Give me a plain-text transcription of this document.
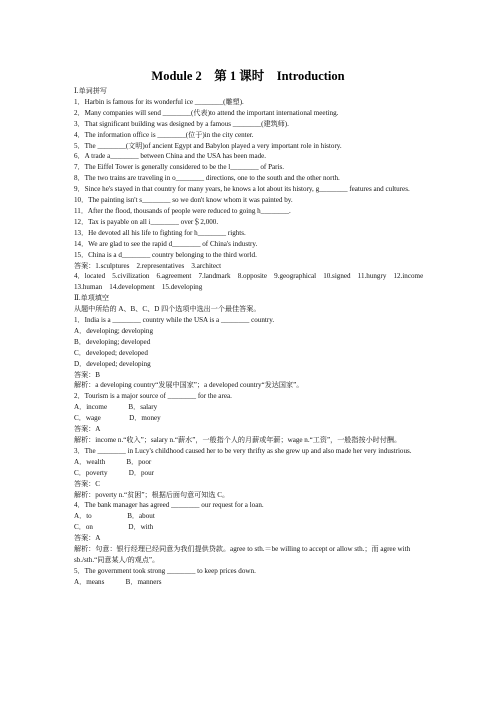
Module 2　第 1 课时　Introduction
Ⅰ.单词拼写
1．Harbin is famous for its wonderful ice ________(雕塑).
2．Many companies will send ________(代表)to attend the important international meeting.
3．That significant building was designed by a famous ________(建筑师).
4．The information office is ________(位于)in the city center.
5．The ________(文明)of ancient Egypt and Babylon played a very important role in history.
6．A trade a________ between China and the USA has been made.
7．The Eiffel Tower is generally considered to be the l________ of Paris.
8．The two trains are traveling in o________ directions, one to the south and the other north.
9．Since he's stayed in that country for many years, he knows a lot about its history, g________ features and cultures.
10．The painting isn't s________ so we don't know whom it was painted by.
11．After the flood, thousands of people were reduced to going h________.
12．Tax is payable on all i________ over＄2,000.
13．He devoted all his life to fighting for h________ rights.
14．We are glad to see the rapid d________ of China's industry.
15．China is a d________ country belonging to the third world.
答案：1.sculptures　2.representatives　3.architect
4．located　5.civilization　6.agreement　7.landmark　8.opposite　9.geographical　10.signed　11.hungry　12.income　13.human　14.development　15.developing
Ⅱ.单项填空
从题中所给的 A、B、C、D 四个选项中选出一个最佳答案。
1．India is a ________ country while the USA is a ________ country.
A．developing; developing
B．developing; developed
C．developed; developed
D．developed; developing
答案：B
解析：a developing country“发展中国家”；a developed country“发达国家”。
2．Tourism is a major source of ________ for the area.
A．income　　　B．salary
C．wage　　　　D．money
答案：A
解析：income n.“收入”；salary n.“薪水”，一般指个人的月薪或年薪；wage n.“工资”，一般指按小时付酬。
3．The ________ in Lucy's childhood caused her to be very thrifty as she grew up and also made her very industrious.
A．wealth　　　B．poor
C．poverty　　　D．pour
答案：C
解析：poverty n.“贫困”；根据后面句意可知选 C。
4．The bank manager has agreed ________ our request for a loan.
A．to　　　　　B．about
C．on　　　　　D．with
答案：A
解析：句意：银行经理已经同意为我们提供贷款。agree to sth.＝be willing to accept or allow sth.；而 agree with sb./sth.“同意某人/的观点”。
5．The government took strong ________ to keep prices down.
A．means　　　B．manners
